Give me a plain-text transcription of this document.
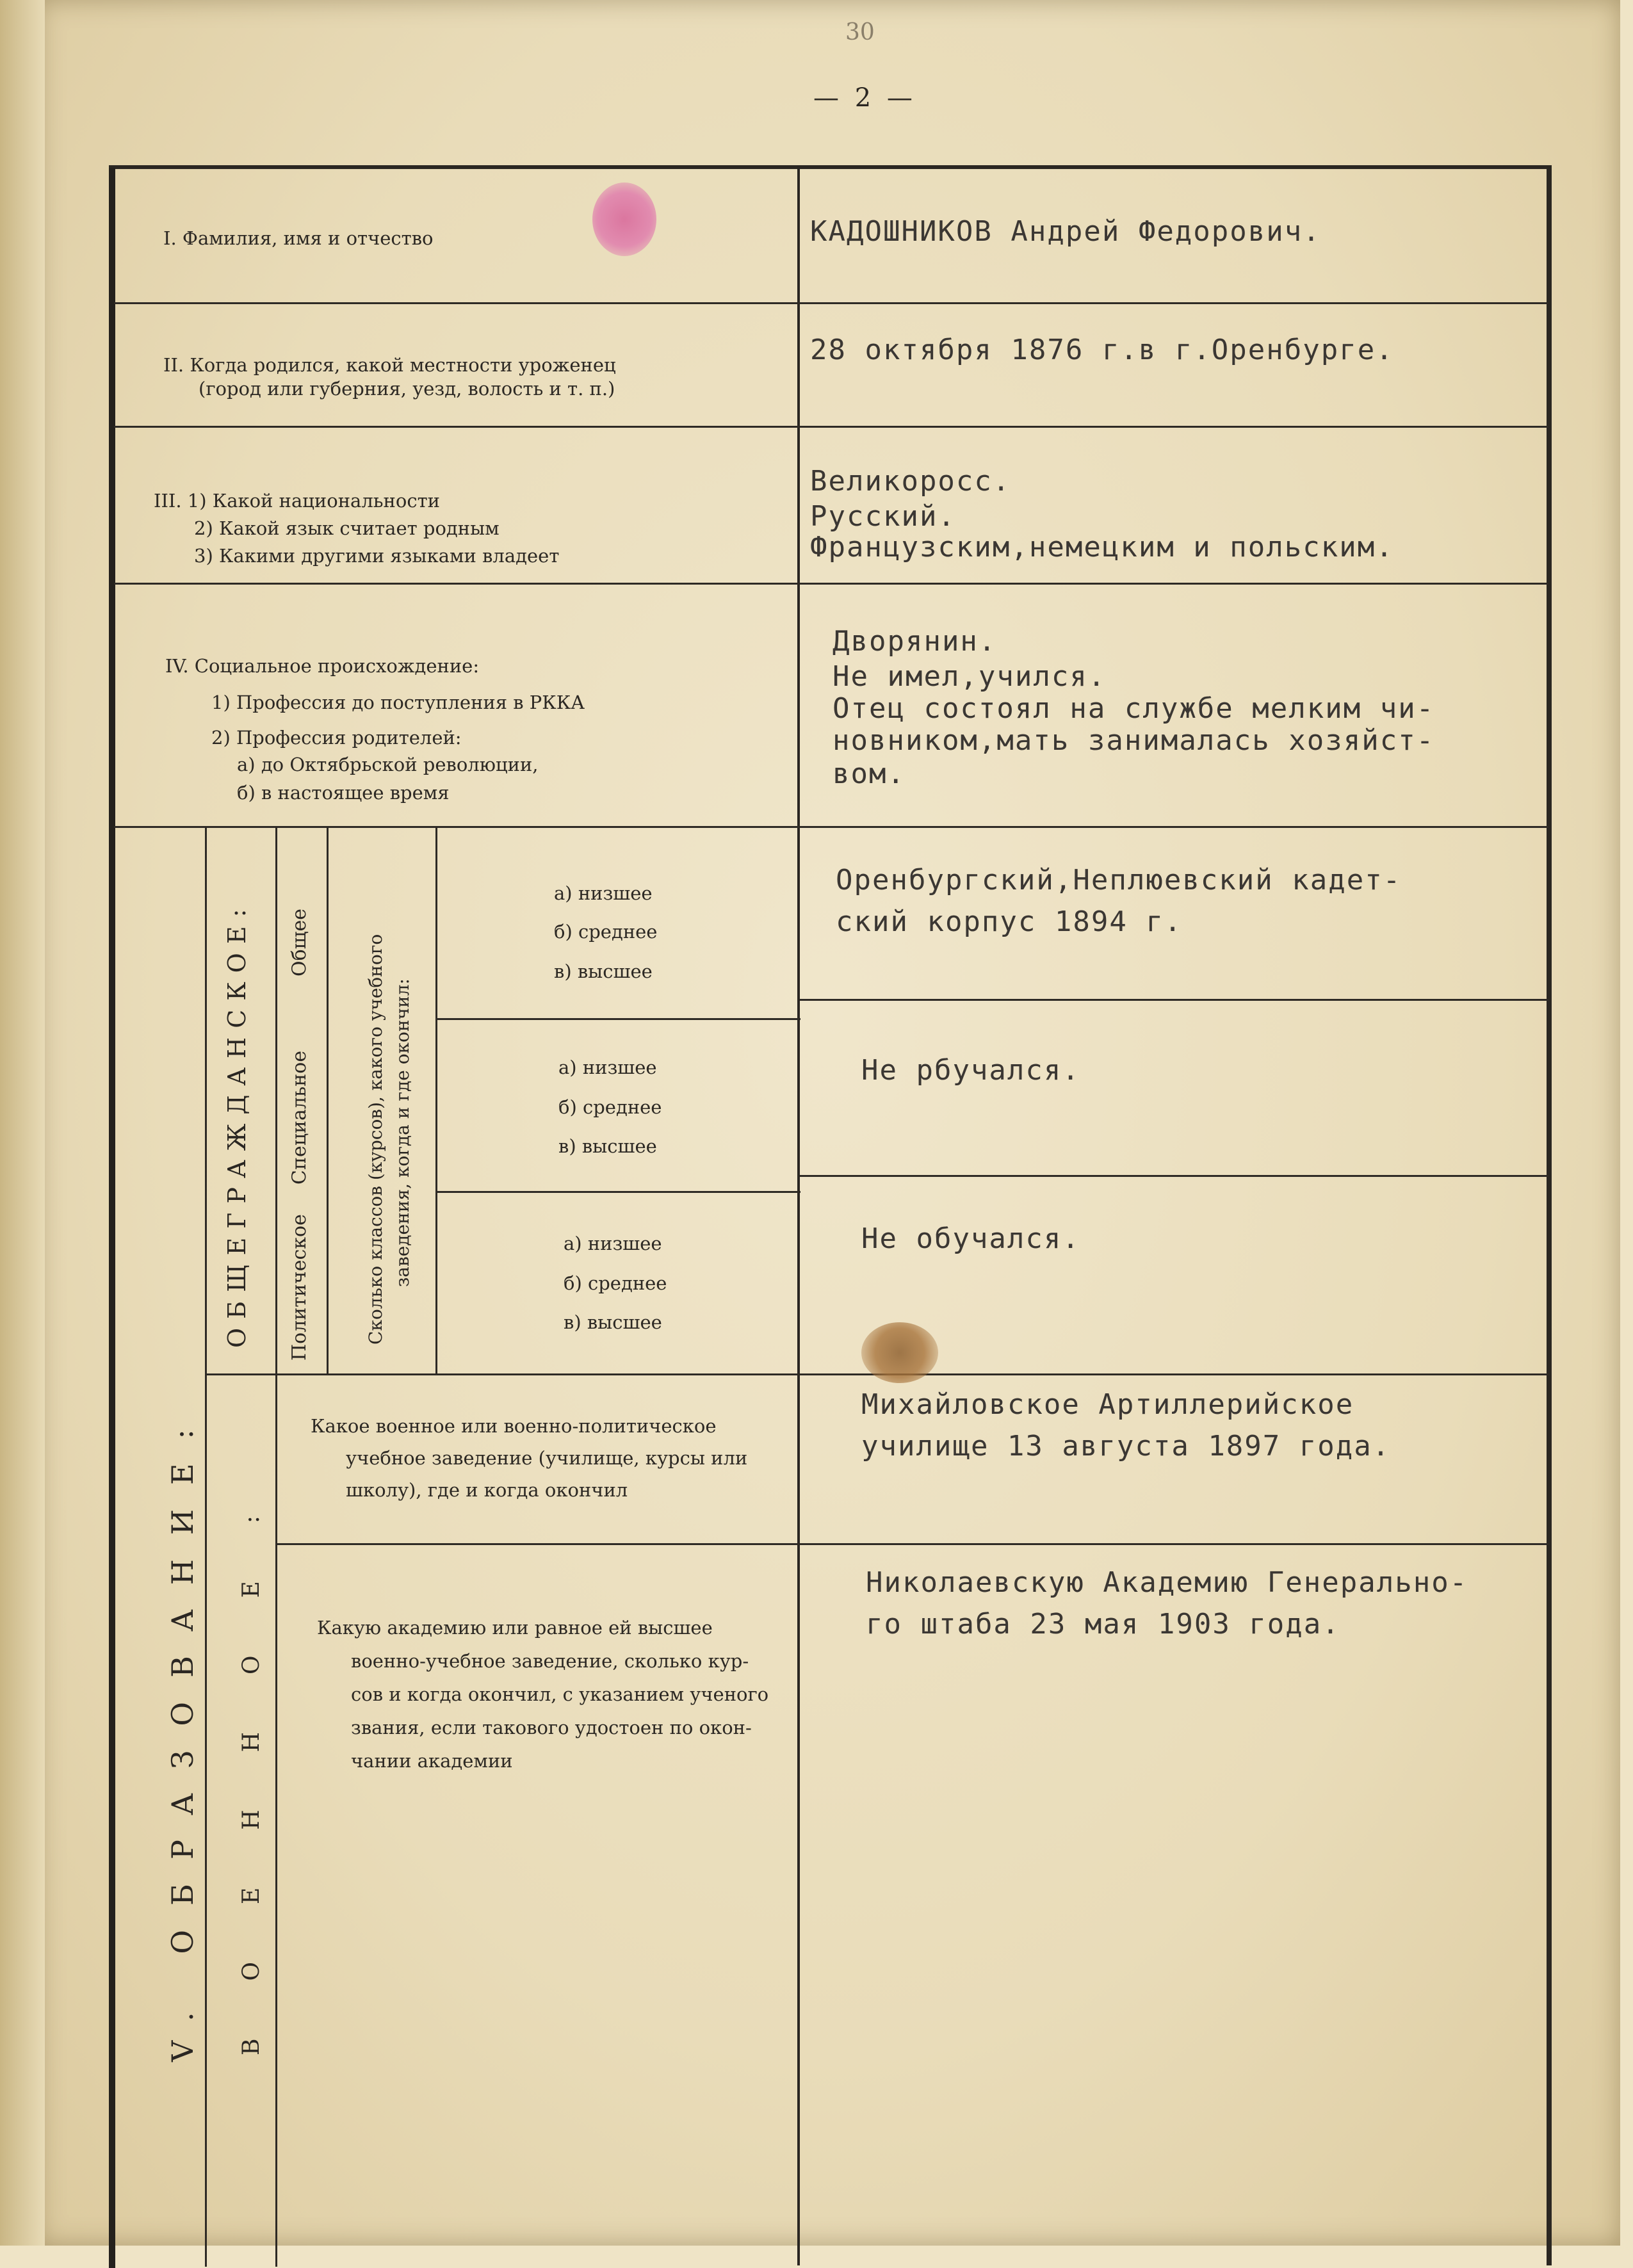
30
— 2 —
I. Фамилия, имя и отчество	КАДОШНИКОВ Андрей Федорович.
II. Когда родился, какой местности уроженец
(город или губерния, уезд, волость и т. п.)
28 октября 1876 г.в г.Оренбурге.
III. 1) Какой национальности
2) Какой язык считает родным
3) Какими другими языками владеет
Великоросс.
Русский.
Французским,немецким и польским.
IV. Социальное происхождение:
1) Профессия до поступления в РККА
2) Профессия родителей:
а) до Октябрьской революции,
б) в настоящее время
Дворянин.
Не имел,учился.
Отец состоял на службе мелким чи-
новником,мать занималась хозяйст-
вом.
V. ОБРАЗОВАНИЕ:
ОБЩЕГРАЖДАНСКОЕ: Общее
Специальное
Политическое	Сколько классов (курсов), какого учебного заведения, когда и где окончил:
ВОЕННОЕ:
а) низшее
б) среднее
в) высшее
а) низшее
б) среднее
в) высшее
а) низшее
б) среднее
в) высшее
Оренбургский,Неплюевский кадет-
ский корпус 1894 г.
Не рбучался.
Не обучался.
Какое военное или военно-политическое
учебное заведение (училище, курсы или
школу), где и когда окончил
Михайловское Артиллерийское
училище 13 августа 1897 года.
Какую академию или равное ей высшее
военно-учебное заведение, сколько кур-
сов и когда окончил, с указанием ученого
звания, если такового удостоен по окон-
чании академии
Николаевскую Академию Генерально-
го штаба 23 мая 1903 года.
